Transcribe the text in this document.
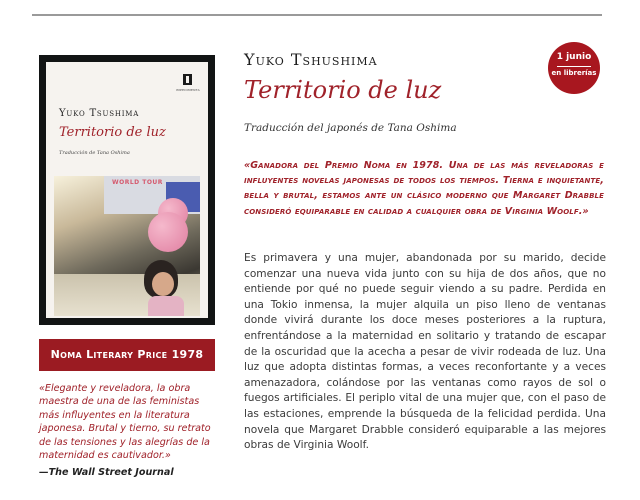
IMPEDIMENTA
Yuko Tsushima
Territorio de luz
Traducción de Tana Oshima
WORLD TOUR
Noma Literary Price 1978
«Elegante y reveladora, la obra maestra de una de las feministas más influyentes en la literatura japonesa. Brutal y tierno, su retrato de las tensiones y las alegrías de la maternidad es cautivador.»
—The Wall Street Journal
Yuko Tshushima
Territorio de luz
Traducción del japonés de Tana Oshima
1 junio
en librerías
«Ganadora del Premio Noma en 1978. Una de las más reveladoras e influyentes novelas japonesas de todos los tiempos. Tierna e inquietante, bella y brutal, estamos ante un clásico moderno que Margaret Drabble consideró equiparable en calidad a cualquier obra de Virginia Woolf.»
Es primavera y una mujer, abandonada por su marido, decide comenzar una nueva vida junto con su hija de dos años, que no entiende por qué no puede seguir viendo a su padre. Perdida en una Tokio inmensa, la mujer alquila un piso lleno de ventanas donde vivirá durante los doce meses posteriores a la ruptura, enfrentándose a la maternidad en solitario y tratando de escapar de la oscuridad que la acecha a pesar de vivir rodeada de luz. Una luz que adopta distintas formas, a veces reconfortante y a veces amenazadora, colándose por las ventanas como rayos de sol o fuegos artificiales. El periplo vital de una mujer que, con el paso de las estaciones, emprende la búsqueda de la felicidad perdida. Una novela que Margaret Drabble consideró equiparable a las mejores obras de Virginia Woolf.
